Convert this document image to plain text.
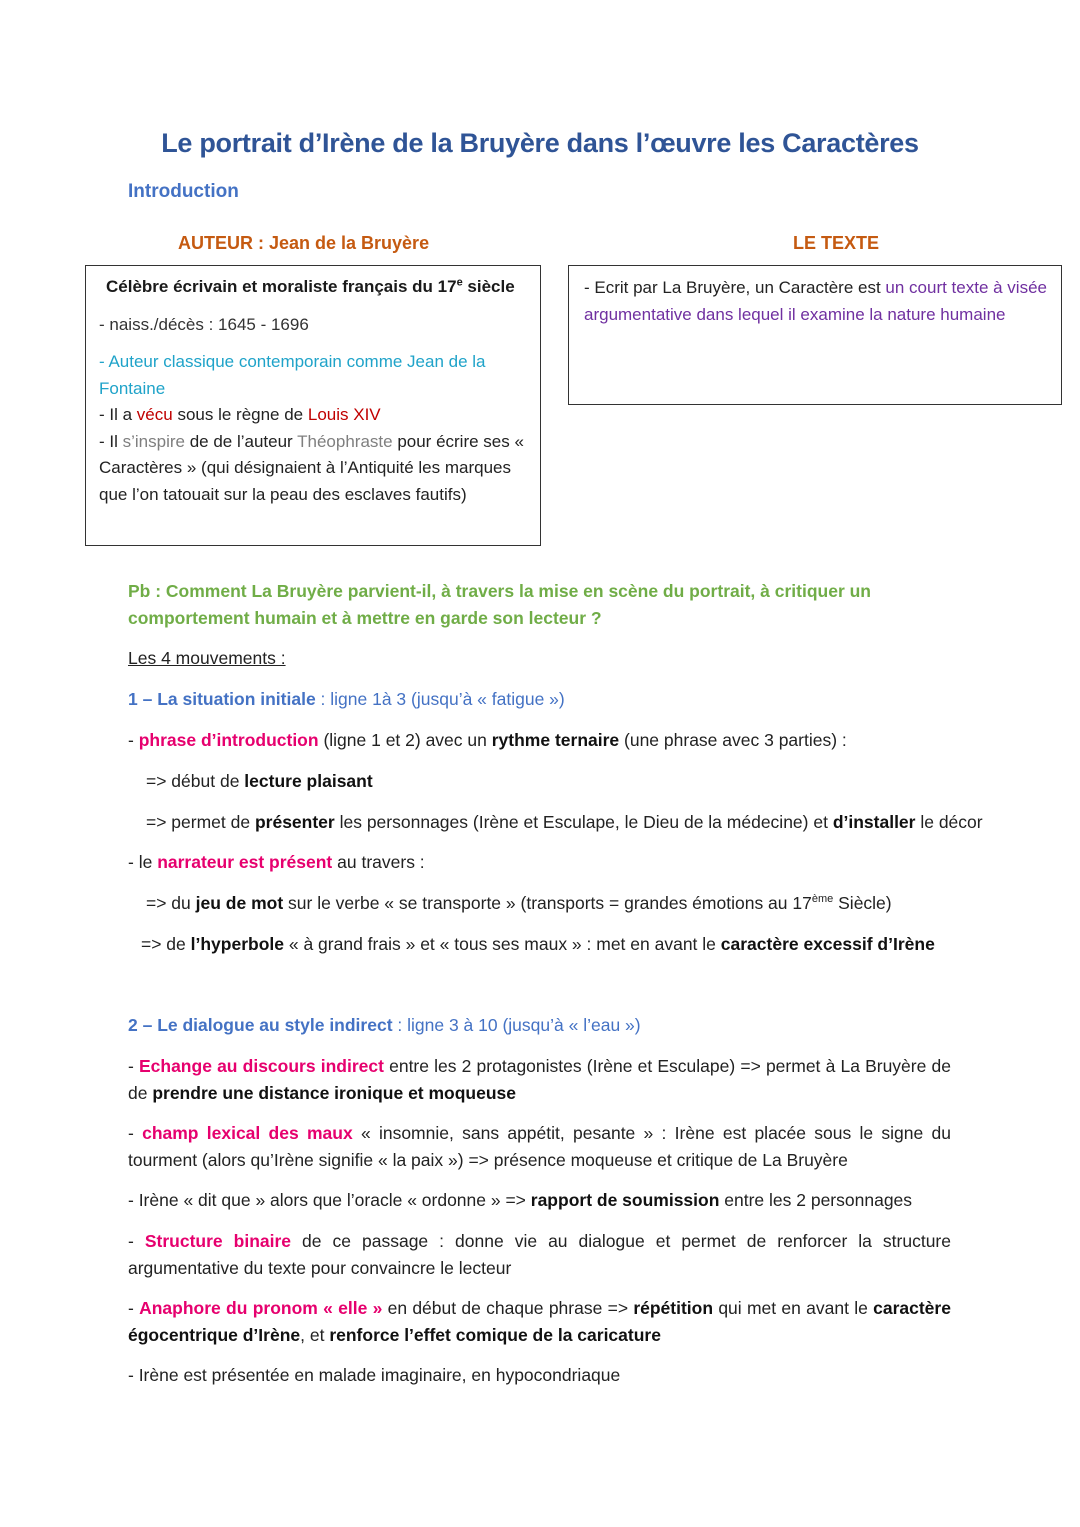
Le portrait d’Irène de la Bruyère dans l’œuvre les Caractères
Introduction
AUTEUR : Jean de la Bruyère	LE TEXTE
Célèbre écrivain et moraliste français du 17e siècle
- naiss./décès : 1645 - 1696
- Auteur classique contemporain comme Jean de la Fontaine
- Il a vécu sous le règne de Louis XIV
- Il s’inspire de de l’auteur Théophraste pour écrire ses « Caractères » (qui désignaient à l’Antiquité les marques que l’on tatouait sur la peau des esclaves fautifs)
- Ecrit par La Bruyère, un Caractère est un court texte à visée argumentative dans lequel il examine la nature humaine
Pb : Comment La Bruyère parvient-il, à travers la mise en scène du portrait, à critiquer un comportement humain et à mettre en garde son lecteur ?
Les 4 mouvements :
1 – La situation initiale : ligne 1à 3 (jusqu’à « fatigue »)
- phrase d’introduction (ligne 1 et 2) avec un rythme ternaire (une phrase avec 3 parties) :
=> début de lecture plaisant
=> permet de présenter les personnages (Irène et Esculape, le Dieu de la médecine) et d’installer le décor
- le narrateur est présent au travers :
=> du jeu de mot sur le verbe « se transporte » (transports = grandes émotions au 17ème Siècle)
=> de l’hyperbole « à grand frais » et « tous ses maux » : met en avant le caractère excessif d’Irène
2 – Le dialogue au style indirect : ligne 3 à 10 (jusqu’à « l’eau »)
- Echange au discours indirect entre les 2 protagonistes (Irène et Esculape) => permet à La Bruyère de de prendre une distance ironique et moqueuse
- champ lexical des maux « insomnie, sans appétit, pesante » : Irène est placée sous le signe du tourment (alors qu’Irène signifie « la paix ») => présence moqueuse et critique de La Bruyère
- Irène « dit que » alors que l’oracle « ordonne » => rapport de soumission entre les 2 personnages
- Structure binaire de ce passage : donne vie au dialogue et permet de renforcer la structure argumentative du texte pour convaincre le lecteur
- Anaphore du pronom « elle » en début de chaque phrase => répétition qui met en avant le caractère égocentrique d’Irène, et renforce l’effet comique de la caricature
- Irène est présentée en malade imaginaire, en hypocondriaque
